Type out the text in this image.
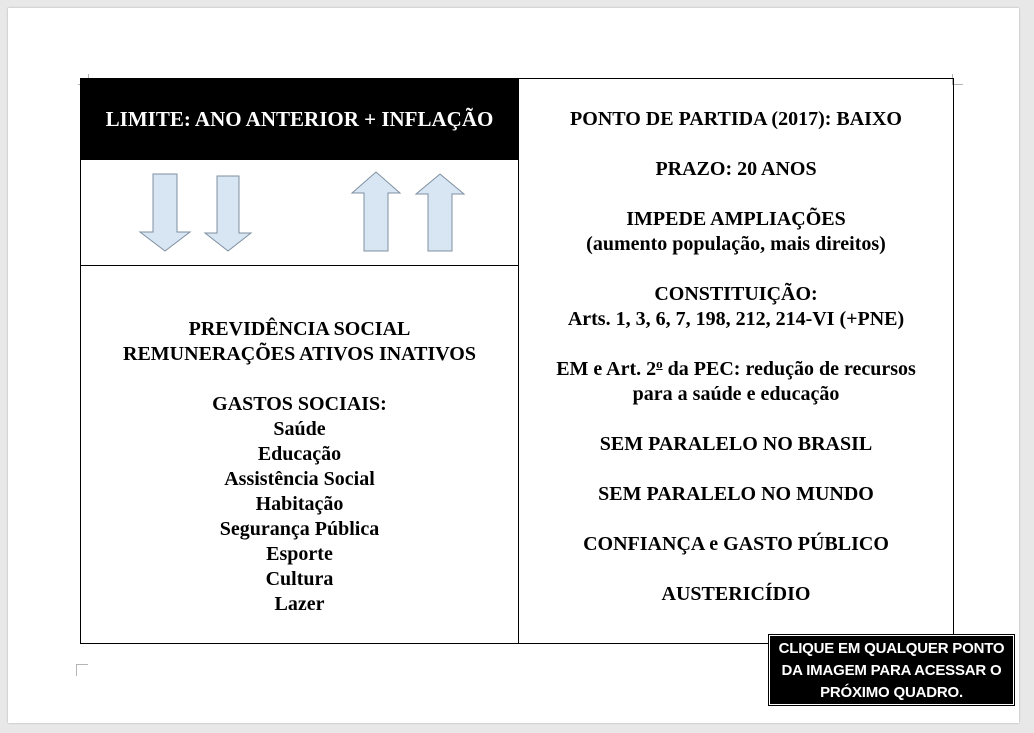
LIMITE: ANO ANTERIOR + INFLAÇÃO
PREVIDÊNCIA SOCIAL
REMUNERAÇÕES ATIVOS INATIVOS
GASTOS SOCIAIS:
Saúde
Educação
Assistência Social
Habitação
Segurança Pública
Esporte
Cultura
Lazer
PONTO DE PARTIDA (2017): BAIXO
PRAZO: 20 ANOS
IMPEDE AMPLIAÇÕES
(aumento população, mais direitos)
CONSTITUIÇÃO:
Arts. 1, 3, 6, 7, 198, 212, 214-VI (+PNE)
EM e Art. 2$^o$ da PEC: redução de recursos
para a saúde e educação
SEM PARALELO NO BRASIL
SEM PARALELO NO MUNDO
CONFIANÇA e GASTO PÚBLICO
AUSTERICÍDIO
CLIQUE EM QUALQUER PONTO
DA IMAGEM PARA ACESSAR O
PRÓXIMO QUADRO.
